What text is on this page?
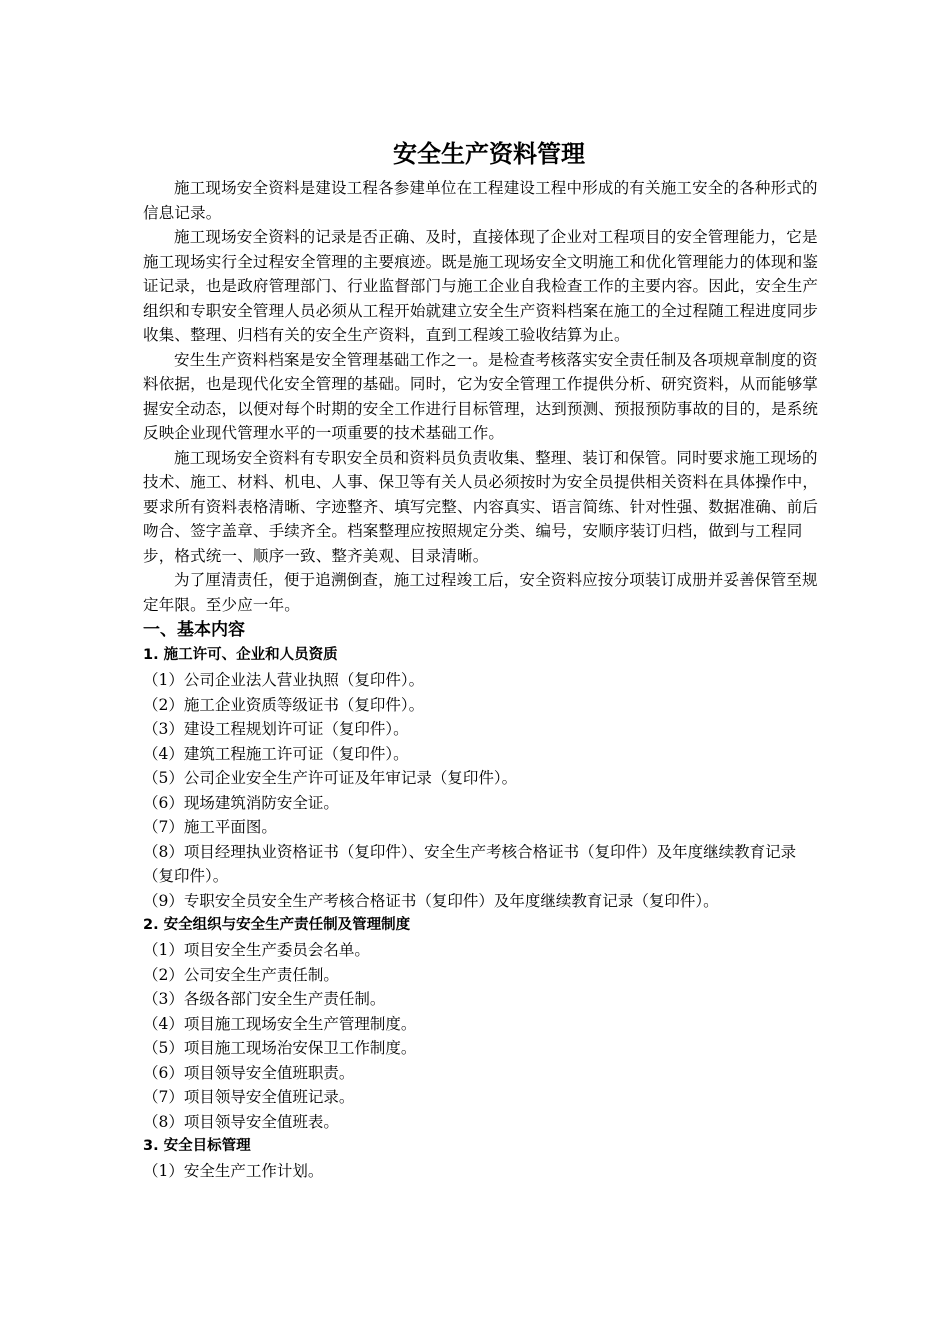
安全生产资料管理

施工现场安全资料是建设工程各参建单位在工程建设工程中形成的有关施工安全的各种形式的信息记录。

施工现场安全资料的记录是否正确、及时，直接体现了企业对工程项目的安全管理能力，它是施工现场实行全过程安全管理的主要痕迹。既是施工现场安全文明施工和优化管理能力的体现和鉴证记录，也是政府管理部门、行业监督部门与施工企业自我检查工作的主要内容。因此，安全生产组织和专职安全管理人员必须从工程开始就建立安全生产资料档案在施工的全过程随工程进度同步收集、整理、归档有关的安全生产资料，直到工程竣工验收结算为止。

安生生产资料档案是安全管理基础工作之一。是检查考核落实安全责任制及各项规章制度的资料依据，也是现代化安全管理的基础。同时，它为安全管理工作提供分析、研究资料，从而能够掌握安全动态，以便对每个时期的安全工作进行目标管理，达到预测、预报预防事故的目的，是系统反映企业现代管理水平的一项重要的技术基础工作。

施工现场安全资料有专职安全员和资料员负责收集、整理、装订和保管。同时要求施工现场的技术、施工、材料、机电、人事、保卫等有关人员必须按时为安全员提供相关资料在具体操作中，要求所有资料表格清晰、字迹整齐、填写完整、内容真实、语言简练、针对性强、数据准确、前后吻合、签字盖章、手续齐全。档案整理应按照规定分类、编号，安顺序装订归档，做到与工程同步，格式统一、顺序一致、整齐美观、目录清晰。

为了厘清责任，便于追溯倒查，施工过程竣工后，安全资料应按分项装订成册并妥善保管至规定年限。至少应一年。

一、基本内容
1. 施工许可、企业和人员资质

（1）公司企业法人营业执照（复印件）。

（2）施工企业资质等级证书（复印件）。

（3）建设工程规划许可证（复印件）。

（4）建筑工程施工许可证（复印件）。

（5）公司企业安全生产许可证及年审记录（复印件）。

（6）现场建筑消防安全证。

（7）施工平面图。

（8）项目经理执业资格证书（复印件）、安全生产考核合格证书（复印件）及年度继续教育记录（复印件）。

（9）专职安全员安全生产考核合格证书（复印件）及年度继续教育记录（复印件）。

2. 安全组织与安全生产责任制及管理制度

（1）项目安全生产委员会名单。

（2）公司安全生产责任制。

（3）各级各部门安全生产责任制。

（4）项目施工现场安全生产管理制度。

（5）项目施工现场治安保卫工作制度。

（6）项目领导安全值班职责。

（7）项目领导安全值班记录。

（8）项目领导安全值班表。

3. 安全目标管理

（1）安全生产工作计划。
